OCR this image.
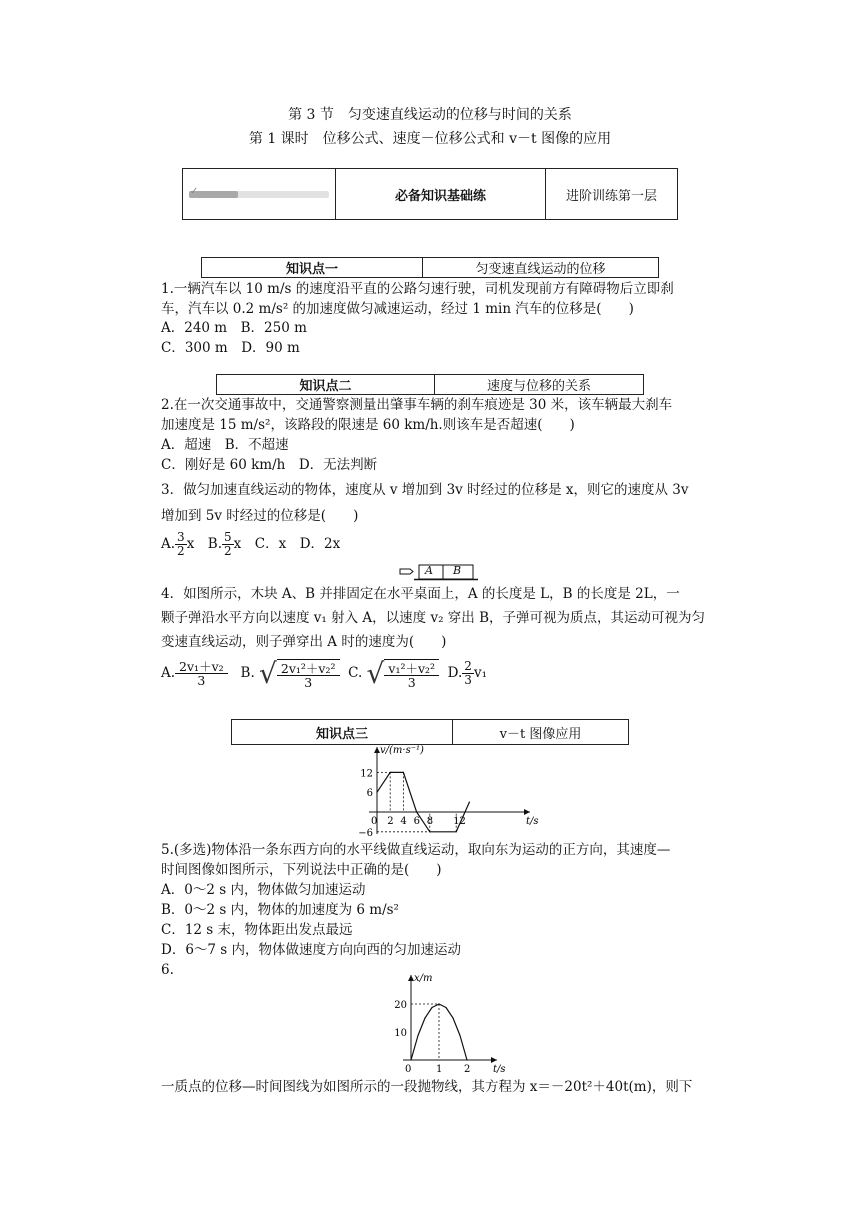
第 3 节　匀变速直线运动的位移与时间的关系
第 1 课时　位移公式、速度－位移公式和 v－t 图像的应用
✓	必备知识基础练	进阶训练第一层
知识点一	匀变速直线运动的位移
1.一辆汽车以 10 m/s 的速度沿平直的公路匀速行驶，司机发现前方有障碍物后立即刹
车，汽车以 0.2 m/s² 的加速度做匀减速运动，经过 1 min 汽车的位移是(　　)
A．240 m　B．250 m
C．300 m　D．90 m
知识点二	速度与位移的关系
2.在一次交通事故中，交通警察测量出肇事车辆的刹车痕迹是 30 米，该车辆最大刹车
加速度是 15 m/s²，该路段的限速是 60 km/h.则该车是否超速(　　)
A．超速　B．不超速
C．刚好是 60 km/h　D．无法判断
3．做匀加速直线运动的物体，速度从 v 增加到 3v 时经过的位移是 x，则它的速度从 3v
增加到 5v 时经过的位移是(　　)
A. $\frac{3}{2}$ x　B. $\frac{5}{2}$ x　C．x　D．2x
A B
4．如图所示，木块 A、B 并排固定在水平桌面上，A 的长度是 L，B 的长度是 2L，一
颗子弹沿水平方向以速度 v₁ 射入 A，以速度 v₂ 穿出 B，子弹可视为质点，其运动可视为匀
变速直线运动，则子弹穿出 A 时的速度为(　　)
A. $\frac{\text{2v₁＋v₂}}{3} B$. √ $\frac{\text{2v₁²＋v₂²}}{3} C$. √ $\frac{\text{v₁²＋v₂²}}{3} D$. $\frac{2}{3} v_1$
知识点三	v－t 图像应用
v/(m·s⁻¹)
t/s
0 2 4 6 8 12
12
6
−6
5.(多选)物体沿一条东西方向的水平线做直线运动，取向东为运动的正方向，其速度—
时间图像如图所示，下列说法中正确的是(　　)
A．0～2 s 内，物体做匀加速运动
B．0～2 s 内，物体的加速度为 6 m/s²
C．12 s 末，物体距出发点最远
D．6～7 s 内，物体做速度方向向西的匀加速运动
6.
x/m
t/s
0 1 2
20
10
一质点的位移—时间图线为如图所示的一段抛物线，其方程为 x＝－20t²＋40t(m)，则下
